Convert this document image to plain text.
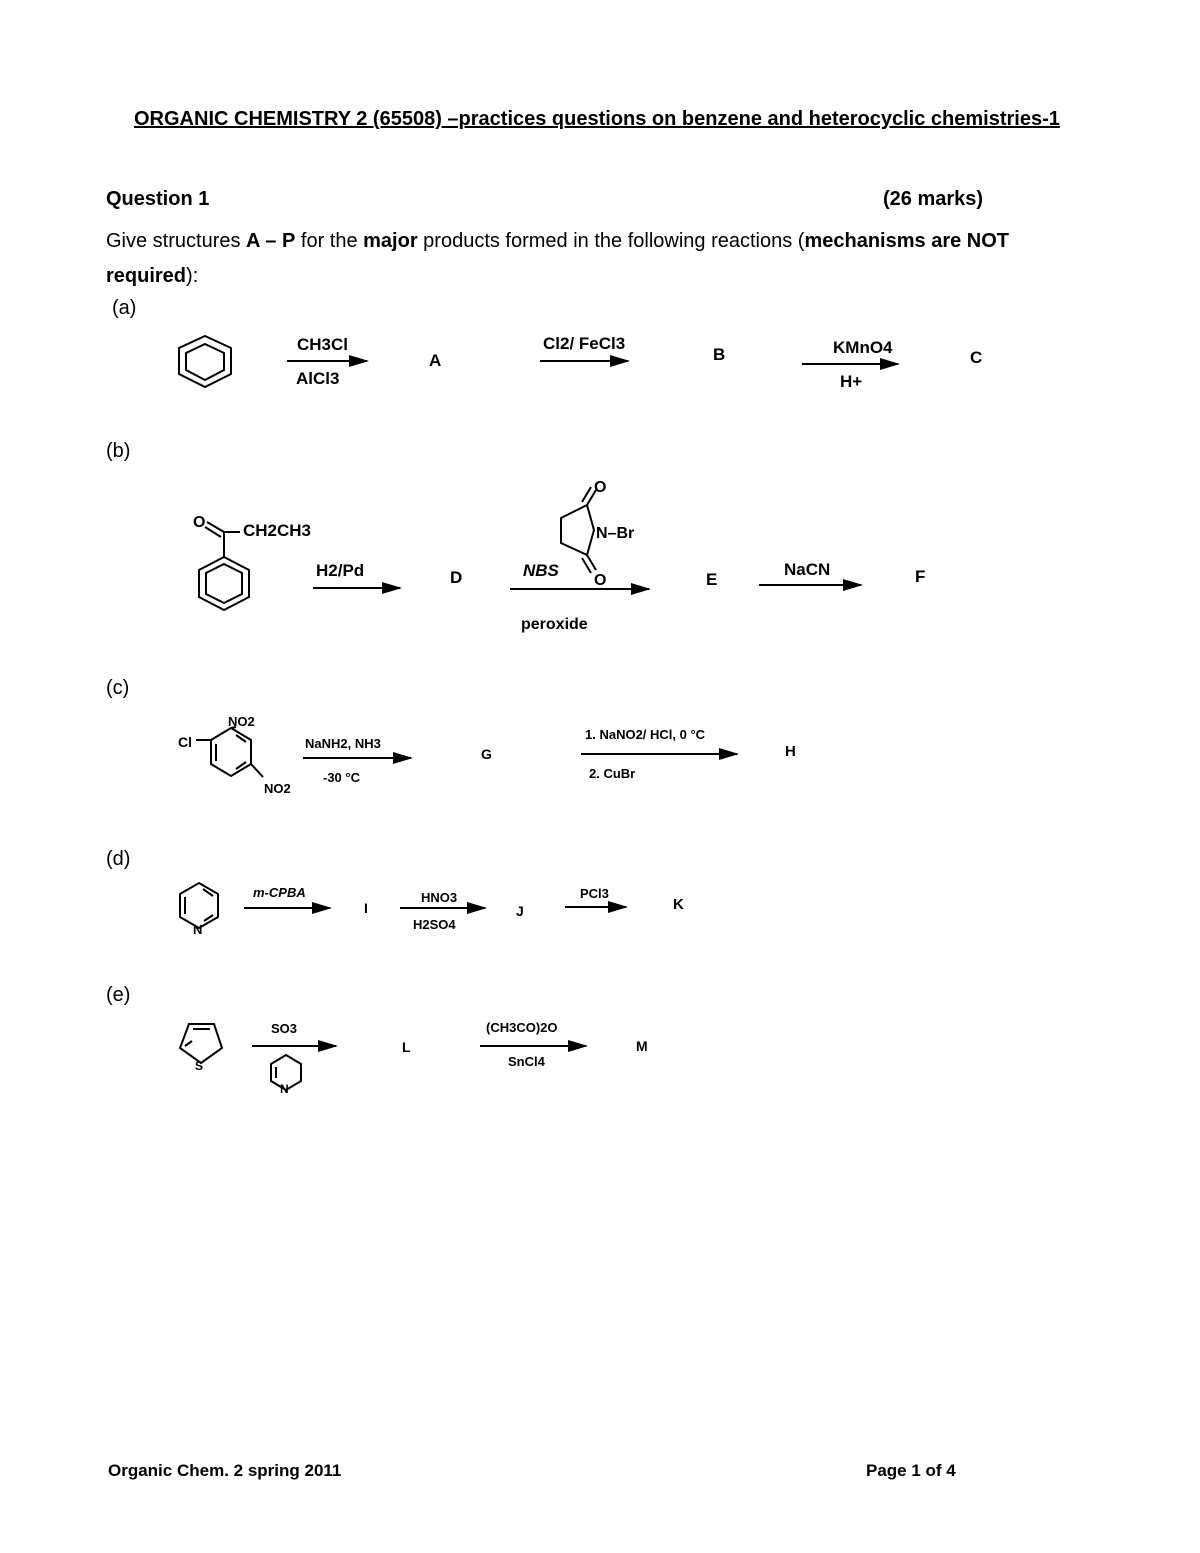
ORGANIC CHEMISTRY 2 (65508) –practices questions on benzene and heterocyclic chemistries-1
Question 1	(26 marks)
Give structures A – P for the major products formed in the following reactions (mechanisms are NOT required):
(a)
(b)
(c)
(d)
(e)
CH3Cl
AlCl3
A
Cl2/ FeCl3
B	KMnO4
H+
C
O CH2CH3
H2/Pd	D
O
N–Br
O
NBS
peroxide
E
NaCN	F
Cl
NO2
NO2
NaNH2, NH3
-30 °C
G
1. NaNO2/ HCl, 0 °C
2. CuBr
H
N
m-CPBA
I
HNO3
H2SO4
J
PCl3
K
S
SO3
N
L
(CH3CO)2O
SnCl4
M
Organic Chem. 2 spring 2011	Page 1 of 4
